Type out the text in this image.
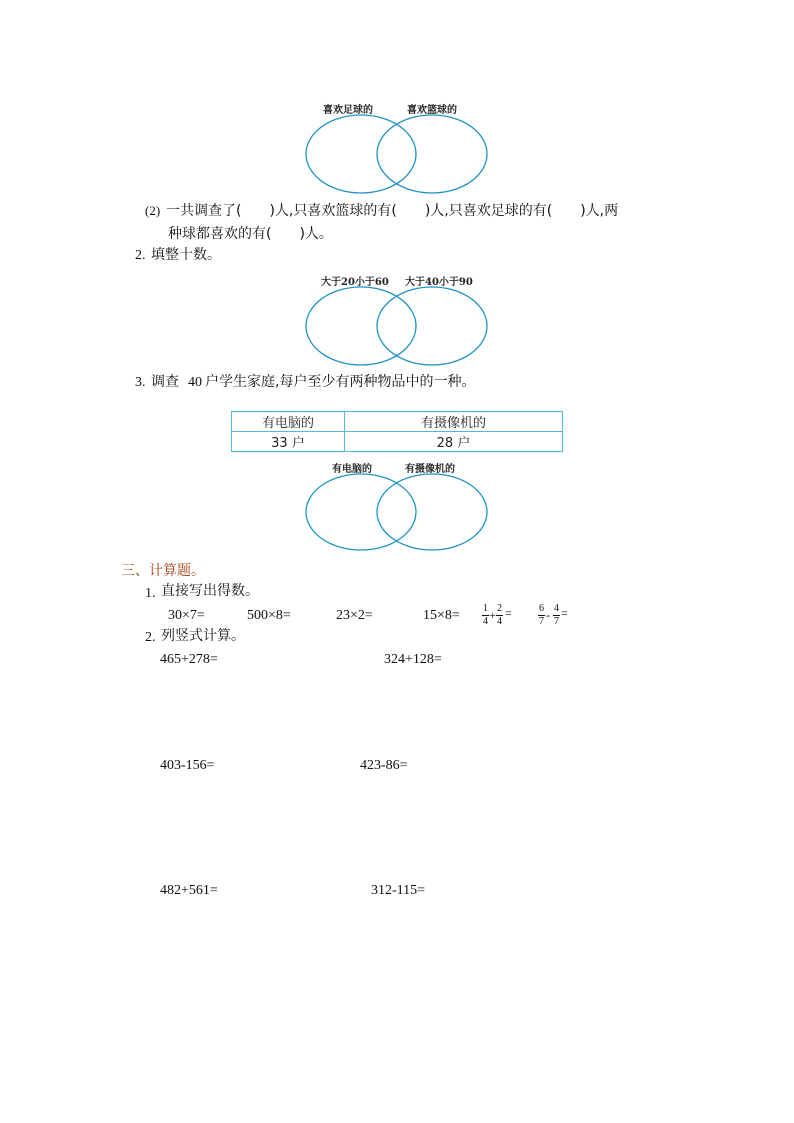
喜欢足球的	喜欢篮球的
(2) 一共调查了(　　)人,只喜欢篮球的有(　　)人,只喜欢足球的有(　　)人,两
种球都喜欢的有(　　)人。
2. 填整十数。
大于20小于60 大于40小于90
3. 调查 40 户学生家庭,每户至少有两种物品中的一种。
有电脑的	有摄像机的
33 户	28 户
有电脑的	有摄像机的
三、计算题。
1. 直接写出得数。
30×7=	500×8=	23×2=	15×8= 1
4 + 2
4
=	6
7 - 4
7
=
2. 列竖式计算。
465+278=	324+128=
403-156=	423-86=
482+561=	312-115=
